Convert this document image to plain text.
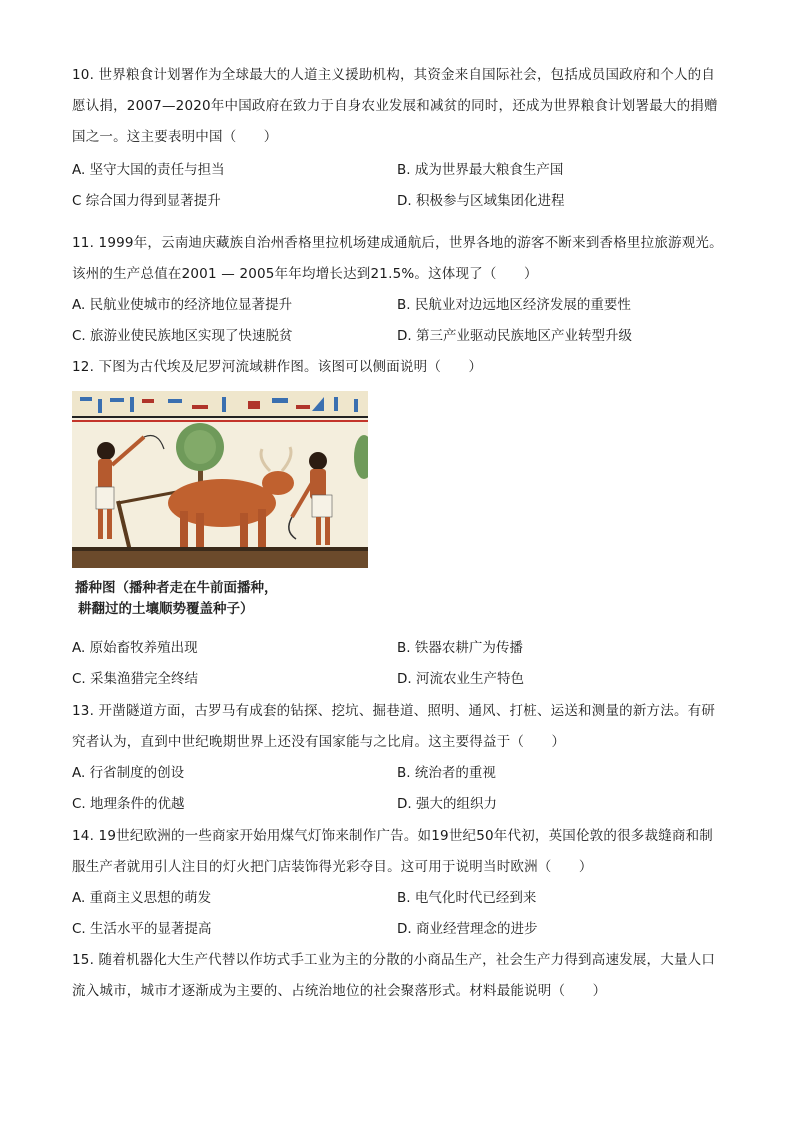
10. 世界粮食计划署作为全球最大的人道主义援助机构，其资金来自国际社会，包括成员国政府和个人的自愿认捐，2007—2020年中国政府在致力于自身农业发展和减贫的同时，还成为世界粮食计划署最大的捐赠国之一。这主要表明中国（　　）
A. 坚守大国的责任与担当	B. 成为世界最大粮食生产国
C 综合国力得到显著提升	D. 积极参与区域集团化进程
11. 1999年，云南迪庆藏族自治州香格里拉机场建成通航后，世界各地的游客不断来到香格里拉旅游观光。该州的生产总值在2001 — 2005年年均增长达到21.5%。这体现了（　　）
A. 民航业使城市的经济地位显著提升	B. 民航业对边远地区经济发展的重要性
C. 旅游业使民族地区实现了快速脱贫	D. 第三产业驱动民族地区产业转型升级
12. 下图为古代埃及尼罗河流域耕作图。该图可以侧面说明（　　）
播种图（播种者走在牛前面播种，
耕翻过的土壤顺势覆盖种子）
A. 原始畜牧养殖出现	B. 铁器农耕广为传播
C. 采集渔猎完全终结	D. 河流农业生产特色
13. 开凿隧道方面，古罗马有成套的钻探、挖坑、掘巷道、照明、通风、打桩、运送和测量的新方法。有研究者认为，直到中世纪晚期世界上还没有国家能与之比肩。这主要得益于（　　）
A. 行省制度的创设	B. 统治者的重视
C. 地理条件的优越	D. 强大的组织力
14. 19世纪欧洲的一些商家开始用煤气灯饰来制作广告。如19世纪50年代初，英国伦敦的很多裁缝商和制服生产者就用引人注目的灯火把门店装饰得光彩夺目。这可用于说明当时欧洲（　　）
A. 重商主义思想的萌发	B. 电气化时代已经到来
C. 生活水平的显著提高	D. 商业经营理念的进步
15. 随着机器化大生产代替以作坊式手工业为主的分散的小商品生产，社会生产力得到高速发展，大量人口流入城市，城市才逐渐成为主要的、占统治地位的社会聚落形式。材料最能说明（　　）
